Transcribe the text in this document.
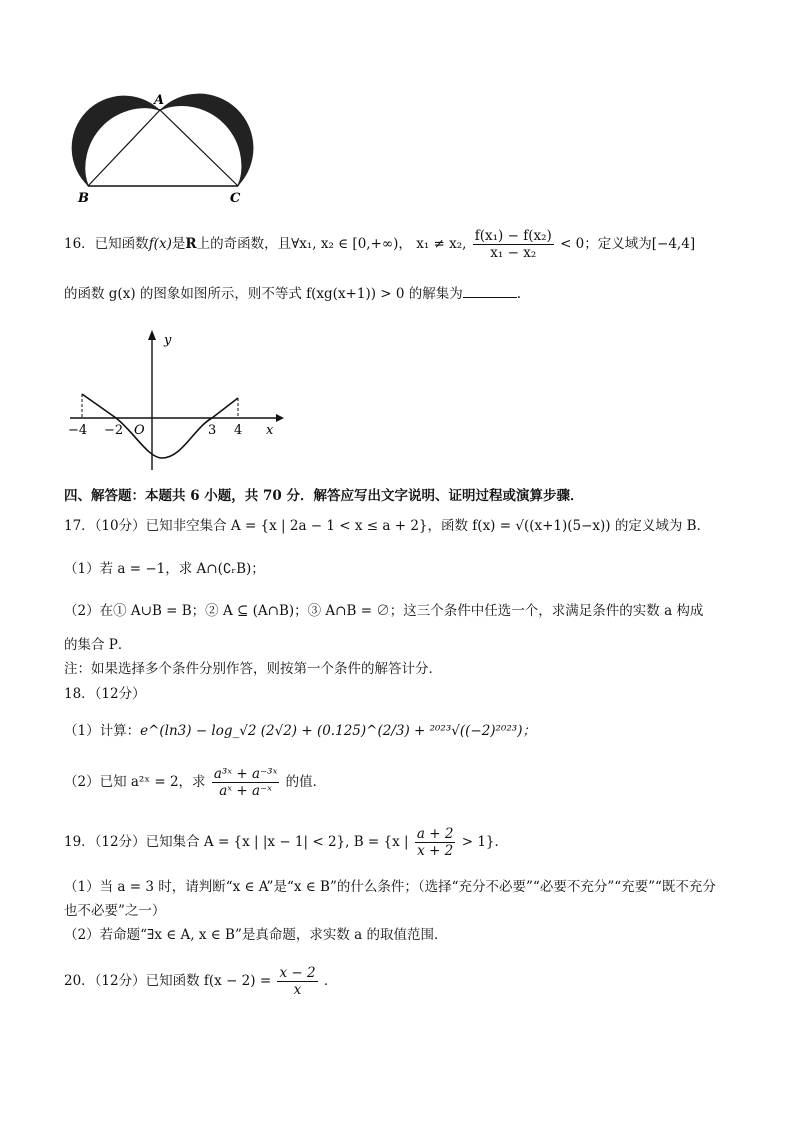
A
B	C
16．已知函数f(x)是R上的奇函数，且∀x₁, x₂ ∈ [0,+∞)， x₁ ≠ x₂, $\frac{\text{f(x₁) − f(x₂)}}{\text{x₁ − x₂}} < 0$；定义域为[−4,4]
的函数 g(x) 的图象如图所示，则不等式 f(xg(x+1)) > 0 的解集为	.
y
x
−4 −2 O	3 4
四、解答题：本题共 6 小题，共 70 分．解答应写出文字说明、证明过程或演算步骤．
17．（10分）已知非空集合 A = {x | 2a − 1 < x ≤ a + 2}，函数 f(x) = √((x+1)(5−x)) 的定义域为 B．
（1）若 a = −1，求 A∩(∁ᵣB)；
（2）在① A∪B = B；② A ⊆ (A∩B)；③ A∩B = ∅；这三个条件中任选一个，求满足条件的实数 a 构成
的集合 P．
注：如果选择多个条件分别作答，则按第一个条件的解答计分．
18．（12分）
（1）计算：e^(ln3) − log_√2 (2√2) + (0.125)^(2/3) + ²⁰²³√((−2)²⁰²³)；
（2）已知 a²ˣ = 2，求 $\frac{\text{a³ˣ + a⁻³ˣ}}{\text{aˣ + a⁻ˣ}}$ 的值．
19．（12分）已知集合 A = {x | |x − 1| < 2}, B = {x | $\frac{a + 2}{x + 2} > 1$}．
（1）当 a = 3 时，请判断“x ∈ A”是“x ∈ B”的什么条件；（选择“充分不必要”“必要不充分”“充要”“既不充分
也不必要”之一）
（2）若命题“∃x ∈ A, x ∈ B”是真命题，求实数 a 的取值范围．
20．（12分）已知函数 $f(x - 2) = \frac{x - 2}{x}$ ．
